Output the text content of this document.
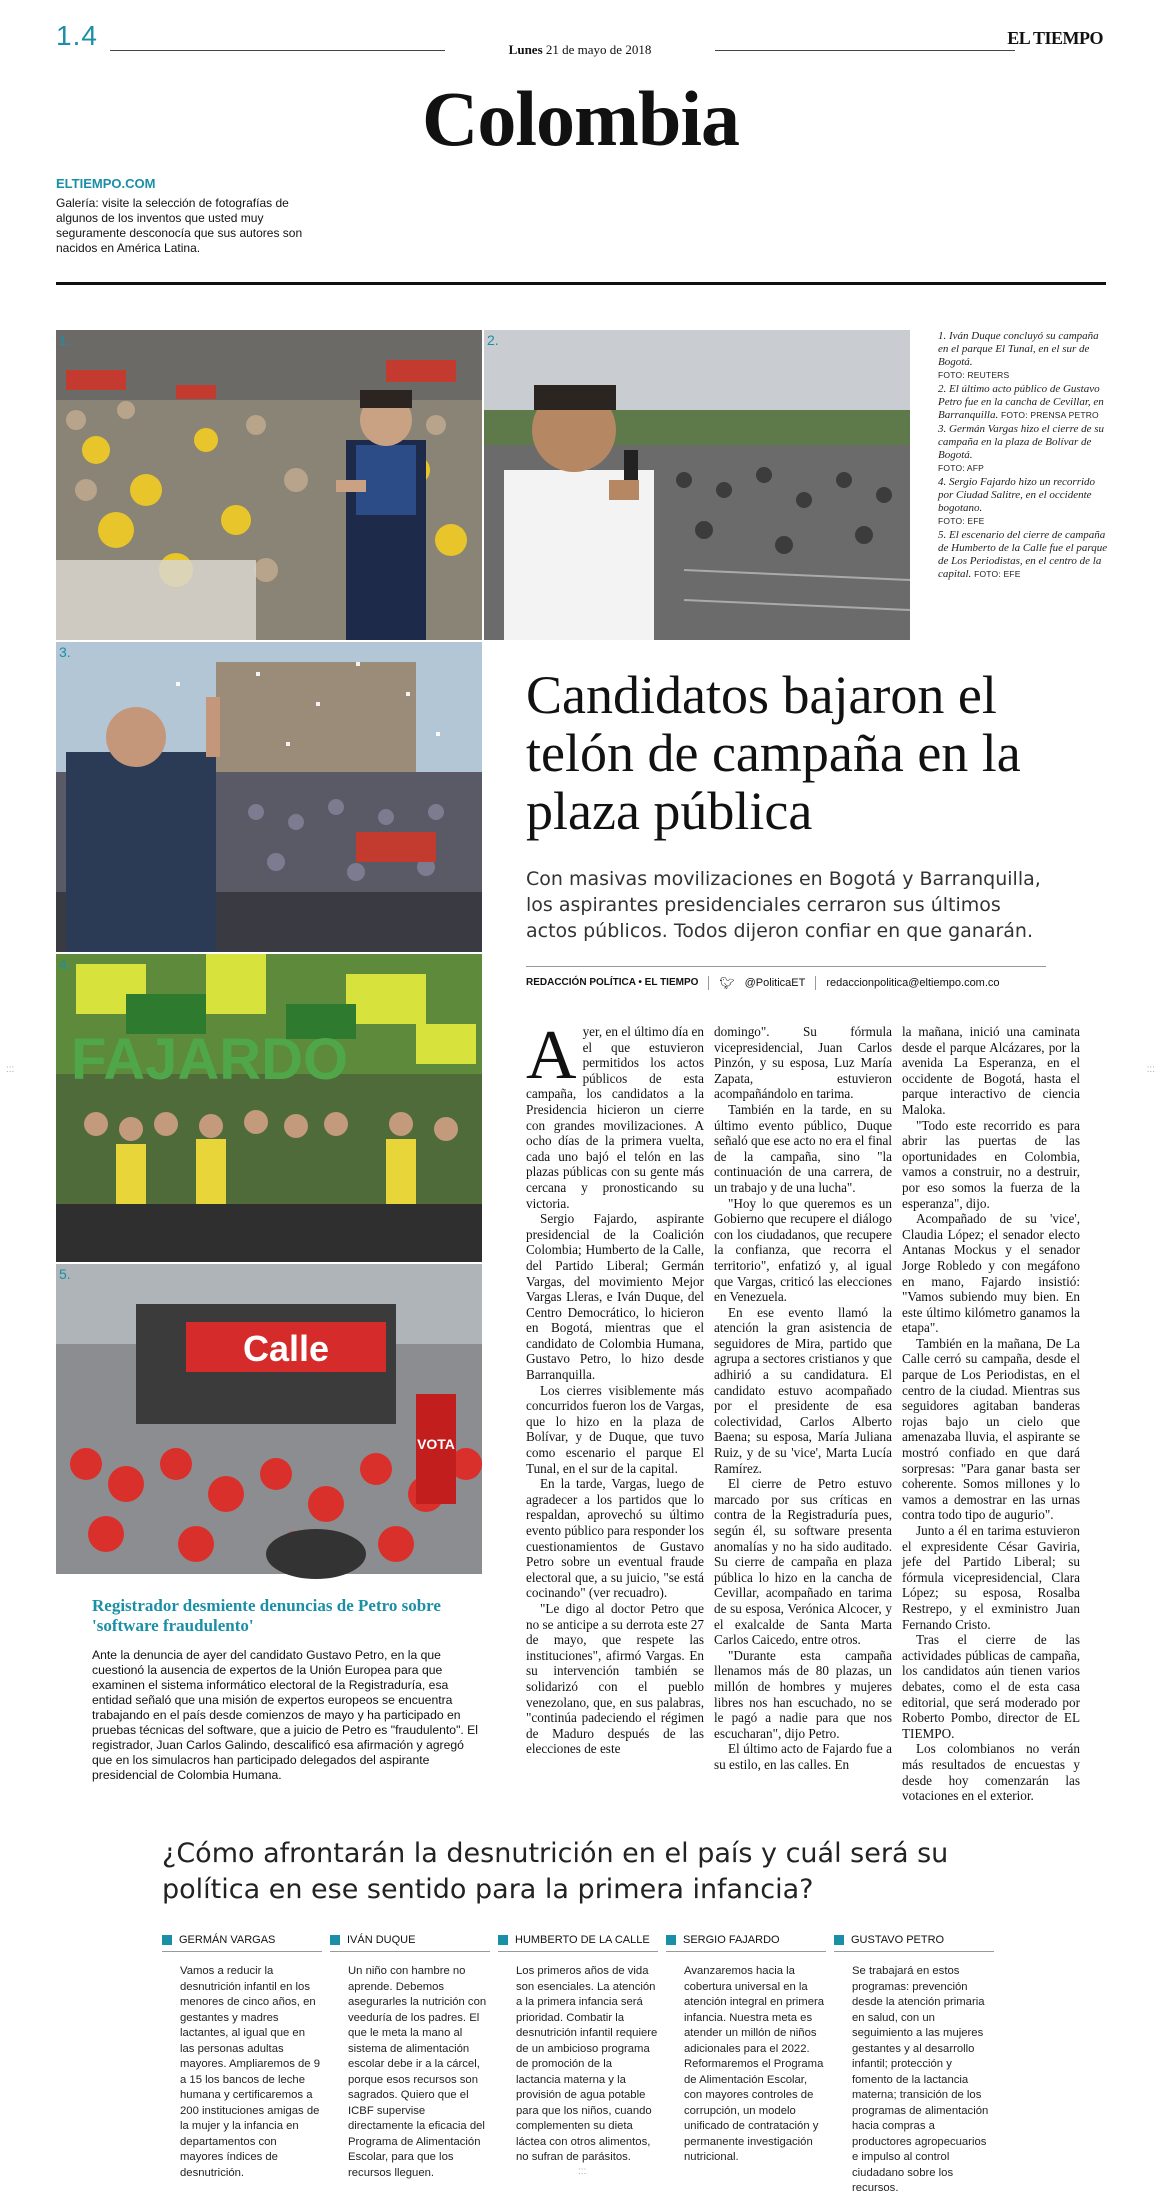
1.4	Lunes 21 de mayo de 2018
EL TIEMPO
Colombia
ELTIEMPO.COM
Galería: visite la selección de fotografías de algunos de los inventos que usted muy seguramente desconocía que sus autores son nacidos en América Latina.
1.	2.	1. Iván Duque concluyó su campaña en el parque El Tunal, en el sur de Bogotá.
FOTO: REUTERS
2. El último acto público de Gustavo Petro fue en la cancha de Cevillar, en Barranquilla. FOTO: PRENSA PETRO
3. Germán Vargas hizo el cierre de su campaña en la plaza de Bolívar de Bogotá.
FOTO: AFP
4. Sergio Fajardo hizo un recorrido por Ciudad Salitre, en el occidente bogotano.
FOTO: EFE
5. El escenario del cierre de campaña de Humberto de la Calle fue el parque de Los Periodistas, en el centro de la capital. FOTO: EFE
3.
FAJARDO
4.
Calle
VOTA
5.
Candidatos bajaron el telón de campaña en la plaza pública
Con masivas movilizaciones en Bogotá y Barranquilla, los aspirantes presidenciales cerraron sus últimos actos públicos. Todos dijeron confiar en que ganarán.
REDACCIÓN POLÍTICA • EL TIEMPO 🐦︎ @PoliticaET redaccionpolitica@eltiempo.com.co

Ayer, en el último día en el que estuvieron permitidos los actos públicos de esta campaña, los candidatos a la Presidencia hicieron un cierre con grandes movilizaciones. A ocho días de la primera vuelta, cada uno bajó el telón en las plazas públicas con su gente más cercana y pronosticando su victoria.

Sergio Fajardo, aspirante presidencial de la Coalición Colombia; Humberto de la Calle, del Partido Liberal; Germán Vargas, del movimiento Mejor Vargas Lleras, e Iván Duque, del Centro Democrático, lo hicieron en Bogotá, mientras que el candidato de Colombia Humana, Gustavo Petro, lo hizo desde Barranquilla.

Los cierres visiblemente más concurridos fueron los de Vargas, que lo hizo en la plaza de Bolívar, y de Duque, que tuvo como escenario el parque El Tunal, en el sur de la capital.

En la tarde, Vargas, luego de agradecer a los partidos que lo respaldan, aprovechó su último evento público para responder los cuestionamientos de Gustavo Petro sobre un eventual fraude electoral que, a su juicio, "se está cocinando" (ver recuadro).

"Le digo al doctor Petro que no se anticipe a su derrota este 27 de mayo, que respete las instituciones", afirmó Vargas. En su intervención también se solidarizó con el pueblo venezolano, que, en sus palabras, "continúa padeciendo el régimen de Maduro después de las elecciones de este

domingo". Su fórmula vicepresidencial, Juan Carlos Pinzón, y su esposa, Luz María Zapata, estuvieron acompañándolo en tarima.

También en la tarde, en su último evento público, Duque señaló que ese acto no era el final de la campaña, sino "la continuación de una carrera, de un trabajo y de una lucha".

"Hoy lo que queremos es un Gobierno que recupere el diálogo con los ciudadanos, que recupere la confianza, que recorra el territorio", enfatizó y, al igual que Vargas, criticó las elecciones en Venezuela.

En ese evento llamó la atención la gran asistencia de seguidores de Mira, partido que agrupa a sectores cristianos y que adhirió a su candidatura. El candidato estuvo acompañado por el presidente de esa colectividad, Carlos Alberto Baena; su esposa, María Juliana Ruiz, y de su 'vice', Marta Lucía Ramírez.

El cierre de Petro estuvo marcado por sus críticas en contra de la Registraduría pues, según él, su software presenta anomalías y no ha sido auditado. Su cierre de campaña en plaza pública lo hizo en la cancha de Cevillar, acompañado en tarima de su esposa, Verónica Alcocer, y el exalcalde de Santa Marta Carlos Caicedo, entre otros.

"Durante esta campaña llenamos más de 80 plazas, un millón de hombres y mujeres libres nos han escuchado, no se le pagó a nadie para que nos escucharan", dijo Petro.

El último acto de Fajardo fue a su estilo, en las calles. En

la mañana, inició una caminata desde el parque Alcázares, por la avenida La Esperanza, en el occidente de Bogotá, hasta el parque interactivo de ciencia Maloka.

"Todo este recorrido es para abrir las puertas de las oportunidades en Colombia, vamos a construir, no a destruir, por eso somos la fuerza de la esperanza", dijo.

Acompañado de su 'vice', Claudia López; el senador electo Antanas Mockus y el senador Jorge Robledo y con megáfono en mano, Fajardo insistió: "Vamos subiendo muy bien. En este último kilómetro ganamos la etapa".

También en la mañana, De La Calle cerró su campaña, desde el parque de Los Periodistas, en el centro de la ciudad. Mientras sus seguidores agitaban banderas rojas bajo un cielo que amenazaba lluvia, el aspirante se mostró confiado en que dará sorpresas: "Para ganar basta ser coherente. Somos millones y lo vamos a demostrar en las urnas contra todo tipo de augurio".

Junto a él en tarima estuvieron el expresidente César Gaviria, jefe del Partido Liberal; su fórmula vicepresidencial, Clara López; su esposa, Rosalba Restrepo, y el exministro Juan Fernando Cristo.

Tras el cierre de las actividades públicas de campaña, los candidatos aún tienen varios debates, como el de esta casa editorial, que será moderado por Roberto Pombo, director de EL TIEMPO.

Los colombianos no verán más resultados de encuestas y desde hoy comenzarán las votaciones en el exterior.

Registrador desmiente denuncias de Petro sobre 'software fraudulento'
Ante la denuncia de ayer del candidato Gustavo Petro, en la que cuestionó la ausencia de expertos de la Unión Europea para que examinen el sistema informático electoral de la Registraduría, esa entidad señaló que una misión de expertos europeos se encuentra trabajando en el país desde comienzos de mayo y ha participado en pruebas técnicas del software, que a juicio de Petro es "fraudulento". El registrador, Juan Carlos Galindo, descalificó esa afirmación y agregó que en los simulacros han participado delegados del aspirante presidencial de Colombia Humana.
¿Cómo afrontarán la desnutrición en el país y cuál será su política en ese sentido para la primera infancia?
GERMÁN VARGAS
Vamos a reducir la desnutrición infantil en los menores de cinco años, en gestantes y madres lactantes, al igual que en las personas adultas mayores. Ampliaremos de 9 a 15 los bancos de leche humana y certificaremos a 200 instituciones amigas de la mujer y la infancia en departamentos con mayores índices de desnutrición.
IVÁN DUQUE
Un niño con hambre no aprende. Debemos asegurarles la nutrición con veeduría de los padres. El que le meta la mano al sistema de alimentación escolar debe ir a la cárcel, porque esos recursos son sagrados. Quiero que el ICBF supervise directamente la eficacia del Programa de Alimentación Escolar, para que los recursos lleguen.
HUMBERTO DE LA CALLE
Los primeros años de vida son esenciales. La atención a la primera infancia será prioridad. Combatir la desnutrición infantil requiere de un ambicioso programa de promoción de la lactancia materna y la provisión de agua potable para que los niños, cuando complementen su dieta láctea con otros alimentos, no sufran de parásitos.
SERGIO FAJARDO
Avanzaremos hacia la cobertura universal en la atención integral en primera infancia. Nuestra meta es atender un millón de niños adicionales para el 2022. Reformaremos el Programa de Alimentación Escolar, con mayores controles de corrupción, un modelo unificado de contratación y permanente investigación nutricional.
GUSTAVO PETRO
Se trabajará en estos programas: prevención desde la atención primaria en salud, con un seguimiento a las mujeres gestantes y al desarrollo infantil; protección y fomento de la lactancia materna; transición de los programas de alimentación hacia compras a productores agropecuarios e impulso al control ciudadano sobre los recursos.
:::	:::
:::
